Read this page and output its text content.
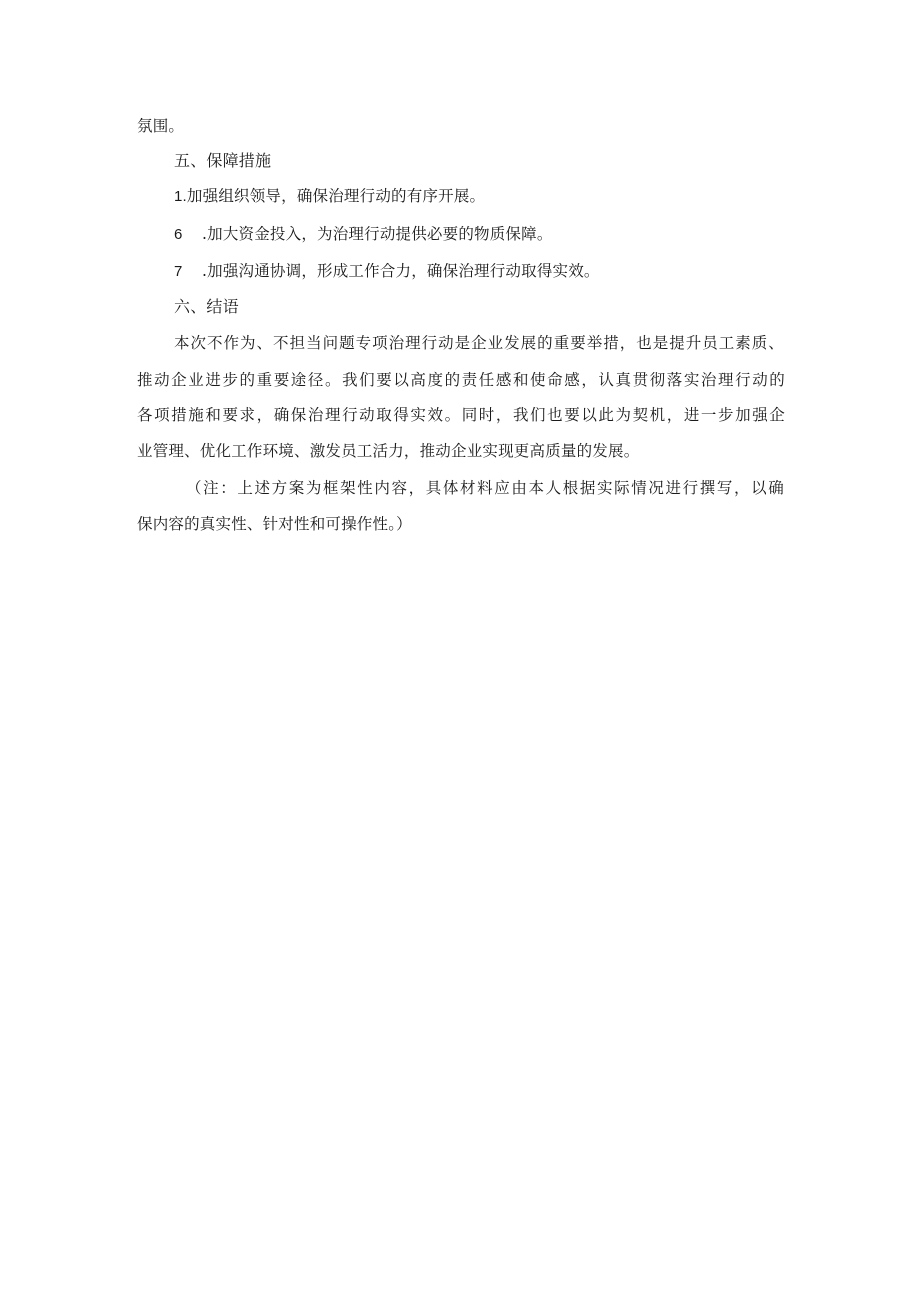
氛围。
五、保障措施
1.加强组织领导，确保治理行动的有序开展。
6 .加大资金投入，为治理行动提供必要的物质保障。
7 .加强沟通协调，形成工作合力，确保治理行动取得实效。
六、结语
本次不作为、不担当问题专项治理行动是企业发展的重要举措，也是提升员工素质、
推动企业进步的重要途径。我们要以高度的责任感和使命感，认真贯彻落实治理行动的
各项措施和要求，确保治理行动取得实效。同时，我们也要以此为契机，进一步加强企
业管理、优化工作环境、激发员工活力，推动企业实现更高质量的发展。
（注：上述方案为框架性内容，具体材料应由本人根据实际情况进行撰写，以确
保内容的真实性、针对性和可操作性。）
